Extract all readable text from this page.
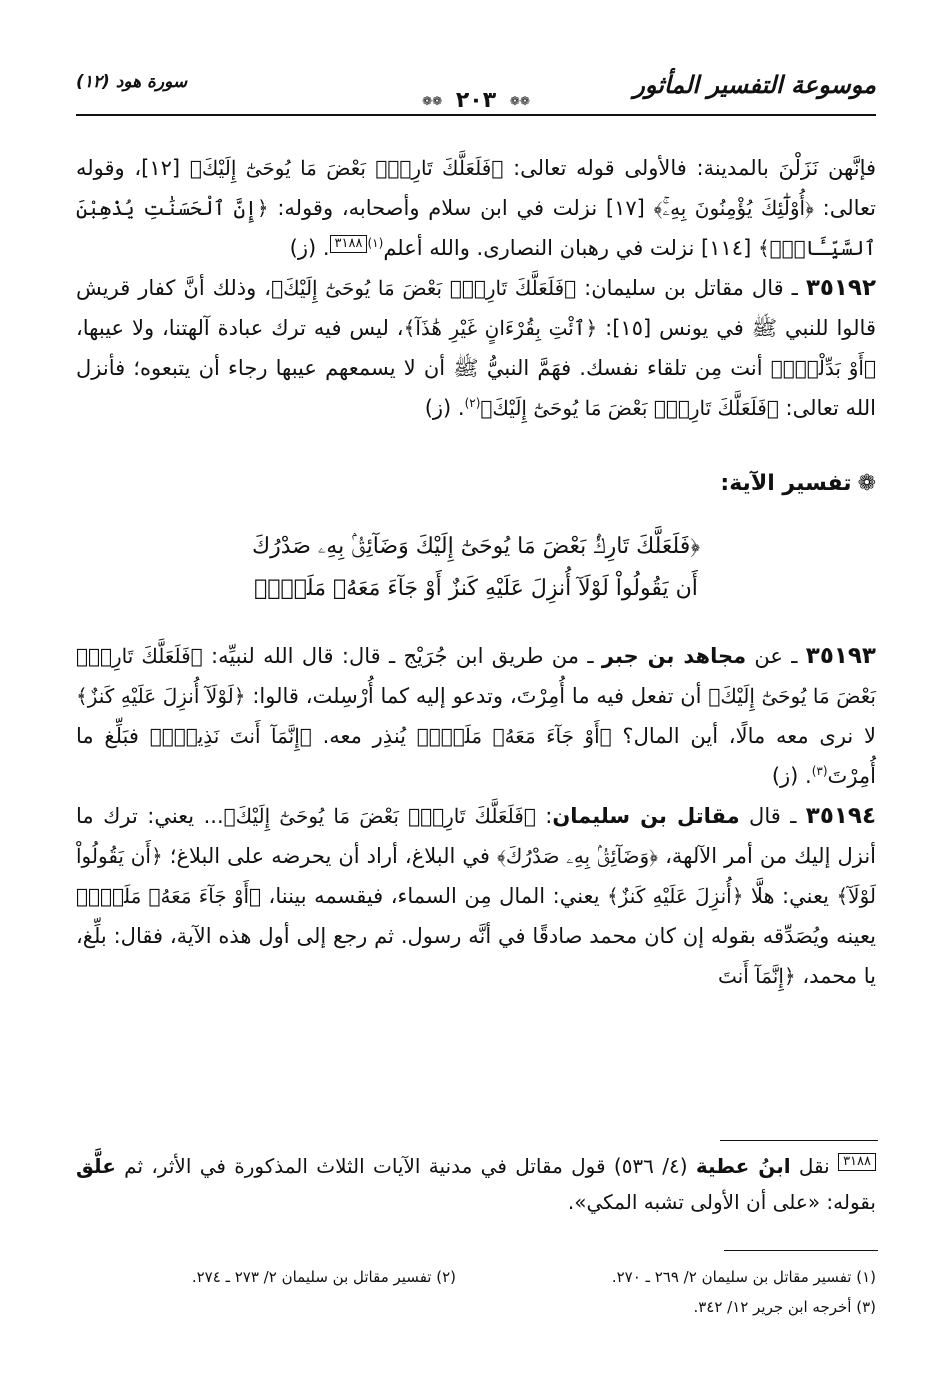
موسوعة التفسير المأثور
❁❁ ٢٠٣ ❁❁
سورة هود (١٢)

فإنَّهن نَزَلْنَ بالمدينة: فالأولى قوله تعالى: ﴿فَلَعَلَّكَ تَارِكُۢ بَعْضَ مَا يُوحَىٰٓ إِلَيْكَ﴾ [١٢]، وقوله تعالى: ﴿أُوْلَٰٓئِكَ يُؤْمِنُونَ بِهِۦۚ﴾ [١٧] نزلت في ابن سلام وأصحابه، وقوله: ﴿إِنَّ ٱلْحَسَنَٰتِ يُذْهِبْنَ ٱلسَّيِّـَٔاتِۚ﴾ [١١٤] نزلت في رهبان النصارى. والله أعلم$^{(١)}$٣١٨٨. (ز)

٣٥١٩٢ ـ قال مقاتل بن سليمان: ﴿فَلَعَلَّكَ تَارِكُۢ بَعْضَ مَا يُوحَىٰٓ إِلَيْكَ﴾، وذلك أنَّ كفار قريش قالوا للنبي ﷺ في يونس [١٥]: ﴿ٱئْتِ بِقُرْءَانٍ غَيْرِ هَٰذَآ﴾، ليس فيه ترك عبادة آلهتنا، ولا عيبها، ﴿أَوْ بَدِّلْهُۚ﴾ أنت مِن تلقاء نفسك. فهَمَّ النبيُّ ﷺ أن لا يسمعهم عيبها رجاء أن يتبعوه؛ فأنزل الله تعالى: ﴿فَلَعَلَّكَ تَارِكُۢ بَعْضَ مَا يُوحَىٰٓ إِلَيْكَ﴾$^{(٢)}$. (ز)

❁تفسير الآية:

﴿فَلَعَلَّكَ تَارِكُۢ بَعْضَ مَا يُوحَىٰٓ إِلَيْكَ وَضَآئِقُۢ بِهِۦ صَدْرُكَ
أَن يَقُولُواْ لَوْلَآ أُنزِلَ عَلَيْهِ كَنزٌ أَوْ جَآءَ مَعَهُۥ مَلَكٌۚ﴾

٣٥١٩٣ ـ عن مجاهد بن جبر ـ من طريق ابن جُرَيْج ـ قال: قال الله لنبيِّه: ﴿فَلَعَلَّكَ تَارِكُۢ بَعْضَ مَا يُوحَىٰٓ إِلَيْكَ﴾ أن تفعل فيه ما أُمِرْتَ، وتدعو إليه كما أُرْسِلت، قالوا: ﴿لَوْلَآ أُنزِلَ عَلَيْهِ كَنزٌ﴾ لا نرى معه مالًا، أين المال؟ ﴿أَوْ جَآءَ مَعَهُۥ مَلَكٌۚ﴾ يُنذِر معه. ﴿إِنَّمَآ أَنتَ نَذِيرٌۚ﴾ فبَلِّغ ما أُمِرْتَ$^{(٣)}$. (ز)

٣٥١٩٤ ـ قال مقاتل بن سليمان: ﴿فَلَعَلَّكَ تَارِكُۢ بَعْضَ مَا يُوحَىٰٓ إِلَيْكَ﴾... يعني: ترك ما أنزل إليك من أمر الآلهة، ﴿وَضَآئِقُۢ بِهِۦ صَدْرُكَ﴾ في البلاغ، أراد أن يحرضه على البلاغ؛ ﴿أَن يَقُولُواْ لَوْلَآ﴾ يعني: هلَّا ﴿أُنزِلَ عَلَيْهِ كَنزٌ﴾ يعني: المال مِن السماء، فيقسمه بيننا، ﴿أَوْ جَآءَ مَعَهُۥ مَلَكٌۚ﴾ يعينه ويُصَدِّقه بقوله إن كان محمد صادقًا في أنَّه رسول. ثم رجع إلى أول هذه الآية، فقال: بلِّغ، يا محمد، ﴿إِنَّمَآ أَنتَ

٣١٨٨ نقل ابنُ عطية (٤/ ٥٣٦) قول مقاتل في مدنية الآيات الثلاث المذكورة في الأثر، ثم علَّق بقوله: «على أن الأولى تشبه المكي».

(١) تفسير مقاتل بن سليمان ٢/ ٢٦٩ ـ ٢٧٠.
(٢) تفسير مقاتل بن سليمان ٢/ ٢٧٣ ـ ٢٧٤.
(٣) أخرجه ابن جرير ١٢/ ٣٤٢.
